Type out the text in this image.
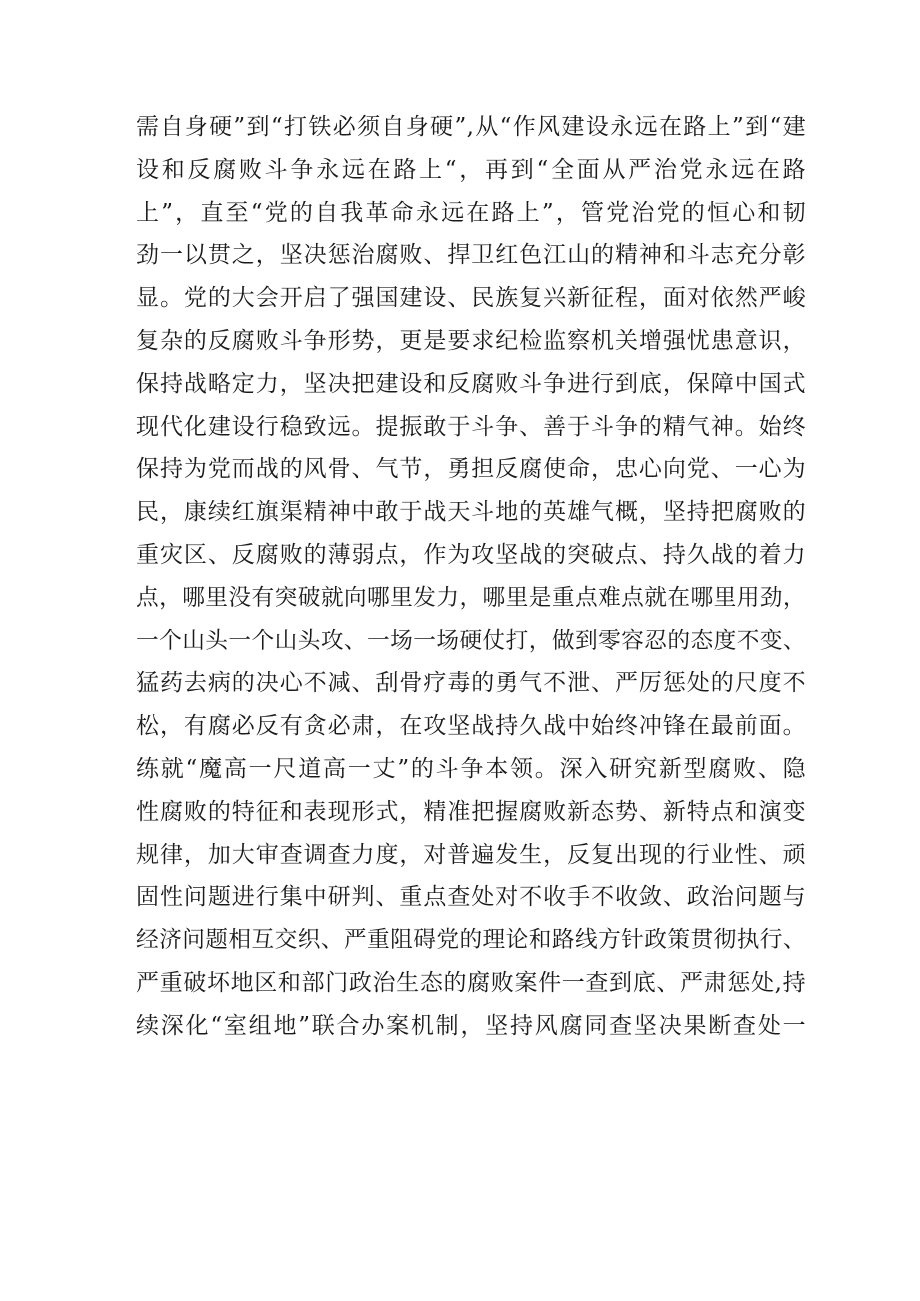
需自身硬”到“打铁必须自身硬”,从“作风建设永远在路上”到“建
设和反腐败斗争永远在路上“，再到“全面从严治党永远在路
上”，直至“党的自我革命永远在路上”，管党治党的恒心和韧
劲一以贯之，坚决惩治腐败、捍卫红色江山的精神和斗志充分彰
显。党的大会开启了强国建设、民族复兴新征程，面对依然严峻
复杂的反腐败斗争形势，更是要求纪检监察机关增强忧患意识，
保持战略定力，坚决把建设和反腐败斗争进行到底，保障中国式
现代化建设行稳致远。提振敢于斗争、善于斗争的精气神。始终
保持为党而战的风骨、气节，勇担反腐使命，忠心向党、一心为
民，康续红旗渠精神中敢于战天斗地的英雄气概，坚持把腐败的
重灾区、反腐败的薄弱点，作为攻坚战的突破点、持久战的着力
点，哪里没有突破就向哪里发力，哪里是重点难点就在哪里用劲，
一个山头一个山头攻、一场一场硬仗打，做到零容忍的态度不变、
猛药去病的决心不减、刮骨疗毒的勇气不泄、严厉惩处的尺度不
松，有腐必反有贪必肃，在攻坚战持久战中始终冲锋在最前面。
练就“魔高一尺道高一丈”的斗争本领。深入研究新型腐败、隐
性腐败的特征和表现形式，精准把握腐败新态势、新特点和演变
规律，加大审查调查力度，对普遍发生，反复出现的行业性、顽
固性问题进行集中研判、重点查处对不收手不收敛、政治问题与
经济问题相互交织、严重阻碍党的理论和路线方针政策贯彻执行、
严重破坏地区和部门政治生态的腐败案件一查到底、严肃惩处,持
续深化“室组地”联合办案机制，坚持风腐同查坚决果断查处一
